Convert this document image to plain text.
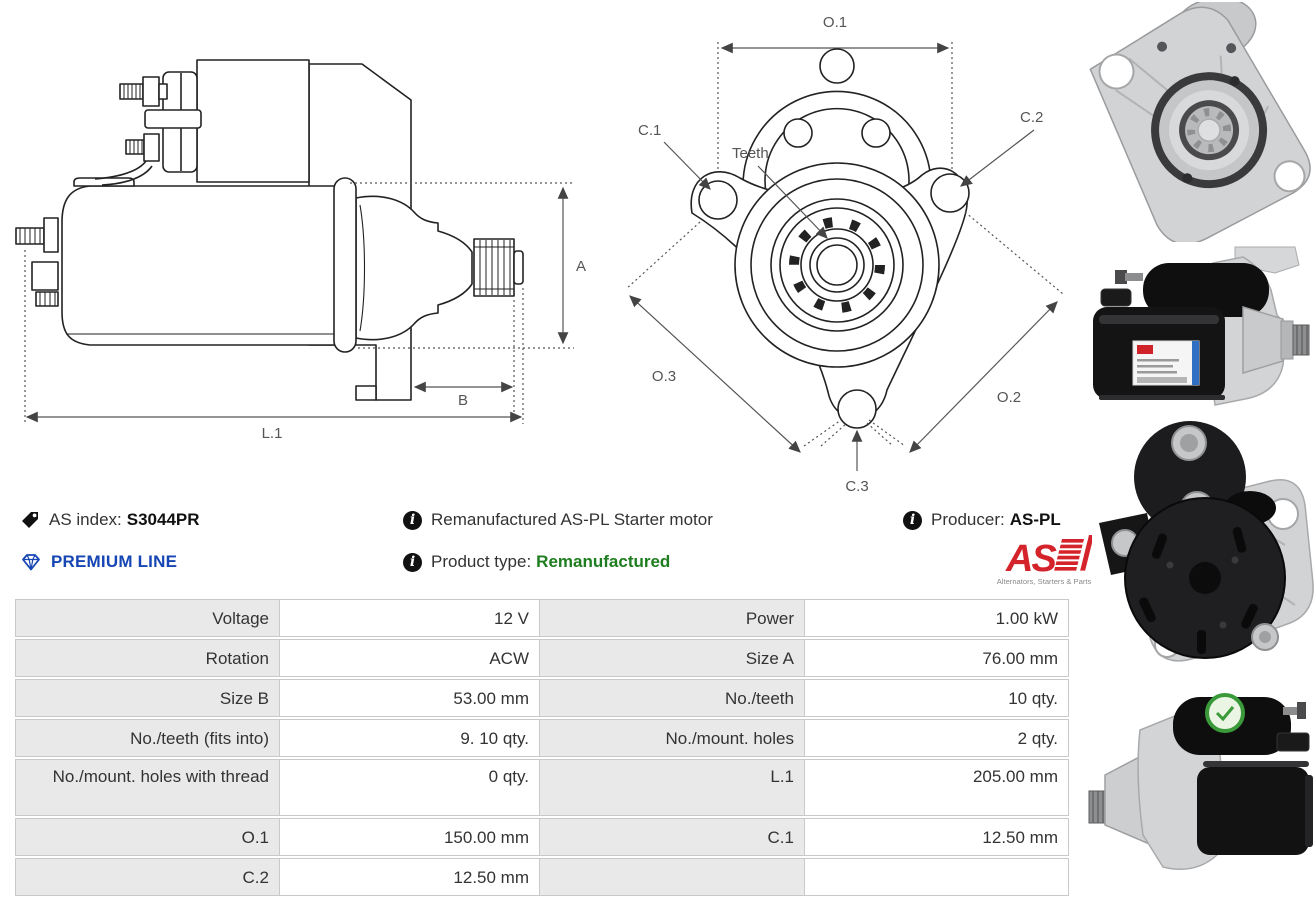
A
B
L.1
O.1
C.1
C.2
Teeth
O.3
O.2
C.3
AS index: S3044PR
PREMIUM LINE
i Remanufactured AS-PL Starter motor
i Product type: Remanufactured
i Producer: AS-PL
AS
Alternators, Starters & Parts
Voltage	12 V	Power	1.00 kW
Rotation	ACW	Size A	76.00 mm
Size B	53.00 mm	No./teeth	10 qty.
No./teeth (fits into)	9. 10 qty.	No./mount. holes	2 qty.
No./mount. holes with thread	0 qty.	L.1	205.00 mm
O.1	150.00 mm	C.1	12.50 mm
C.2	12.50 mm
